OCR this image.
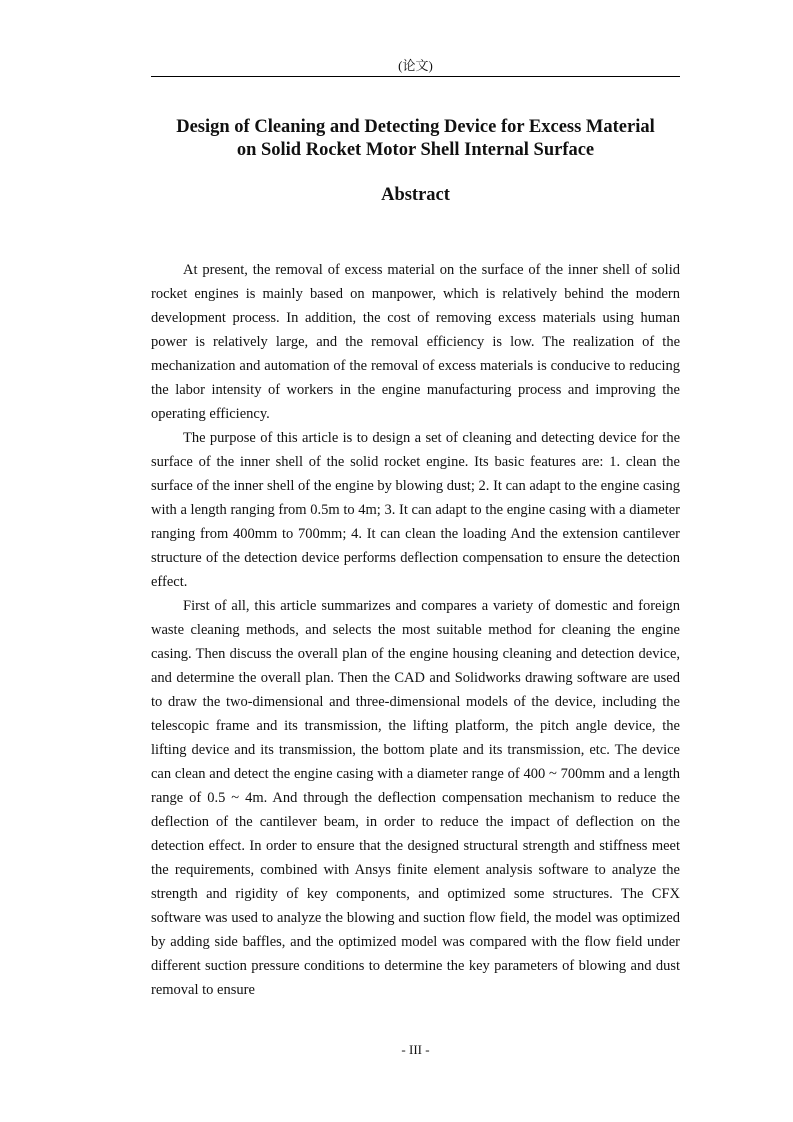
(论文)
Design of Cleaning and Detecting Device for Excess Material
on Solid Rocket Motor Shell Internal Surface
Abstract

At present, the removal of excess material on the surface of the inner shell of solid rocket engines is mainly based on manpower, which is relatively behind the modern development process. In addition, the cost of removing excess materials using human power is relatively large, and the removal efficiency is low. The realization of the mechanization and automation of the removal of excess materials is conducive to reducing the labor intensity of workers in the engine manufacturing process and improving the operating efficiency.

The purpose of this article is to design a set of cleaning and detecting device for the surface of the inner shell of the solid rocket engine. Its basic features are: 1. clean the surface of the inner shell of the engine by blowing dust; 2. It can adapt to the engine casing with a length ranging from 0.5m to 4m; 3. It can adapt to the engine casing with a diameter ranging from 400mm to 700mm; 4. It can clean the loading And the extension cantilever structure of the detection device performs deflection compensation to ensure the detection effect.

First of all, this article summarizes and compares a variety of domestic and foreign waste cleaning methods, and selects the most suitable method for cleaning the engine casing. Then discuss the overall plan of the engine housing cleaning and detection device, and determine the overall plan. Then the CAD and Solidworks drawing software are used to draw the two-dimensional and three-dimensional models of the device, including the telescopic frame and its transmission, the lifting platform, the pitch angle device, the lifting device and its transmission, the bottom plate and its transmission, etc. The device can clean and detect the engine casing with a diameter range of 400 ~ 700mm and a length range of 0.5 ~ 4m. And through the deflection compensation mechanism to reduce the deflection of the cantilever beam, in order to reduce the impact of deflection on the detection effect. In order to ensure that the designed structural strength and stiffness meet the requirements, combined with Ansys finite element analysis software to analyze the strength and rigidity of key components, and optimized some structures. The CFX software was used to analyze the blowing and suction flow field, the model was optimized by adding side baffles, and the optimized model was compared with the flow field under different suction pressure conditions to determine the key parameters of blowing and dust removal to ensure

- III -
